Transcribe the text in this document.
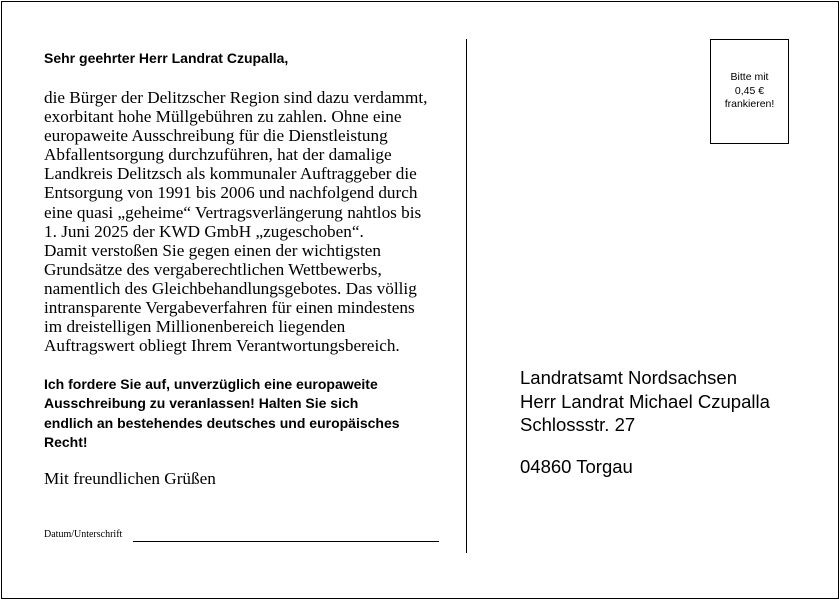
Sehr geehrter Herr Landrat Czupalla,

die Bürger der Delitzscher Region sind dazu verdammt,

exorbitant hohe Müllgebühren zu zahlen. Ohne eine

europaweite Ausschreibung für die Dienstleistung

Abfallentsorgung durchzuführen, hat der damalige

Landkreis Delitzsch als kommunaler Auftraggeber die

Entsorgung von 1991 bis 2006 und nachfolgend durch

eine quasi „geheime“ Vertragsverlängerung nahtlos bis

1. Juni 2025 der KWD GmbH „zugeschoben“.

Damit verstoßen Sie gegen einen der wichtigsten

Grundsätze des vergaberechtlichen Wettbewerbs,

namentlich des Gleichbehandlungsgebotes. Das völlig

intransparente Vergabeverfahren für einen mindestens

im dreistelligen Millionenbereich liegenden

Auftragswert obliegt Ihrem Verantwortungsbereich.

Ich fordere Sie auf, unverzüglich eine europaweite
Ausschreibung zu veranlassen! Halten Sie sich
endlich an bestehendes deutsches und europäisches
Recht!
Mit freundlichen Grüßen
Datum/Unterschrift
Bitte mit
0,45 €
frankieren!
Landratsamt Nordsachsen
Herr Landrat Michael Czupalla
Schlossstr. 27
04860 Torgau
